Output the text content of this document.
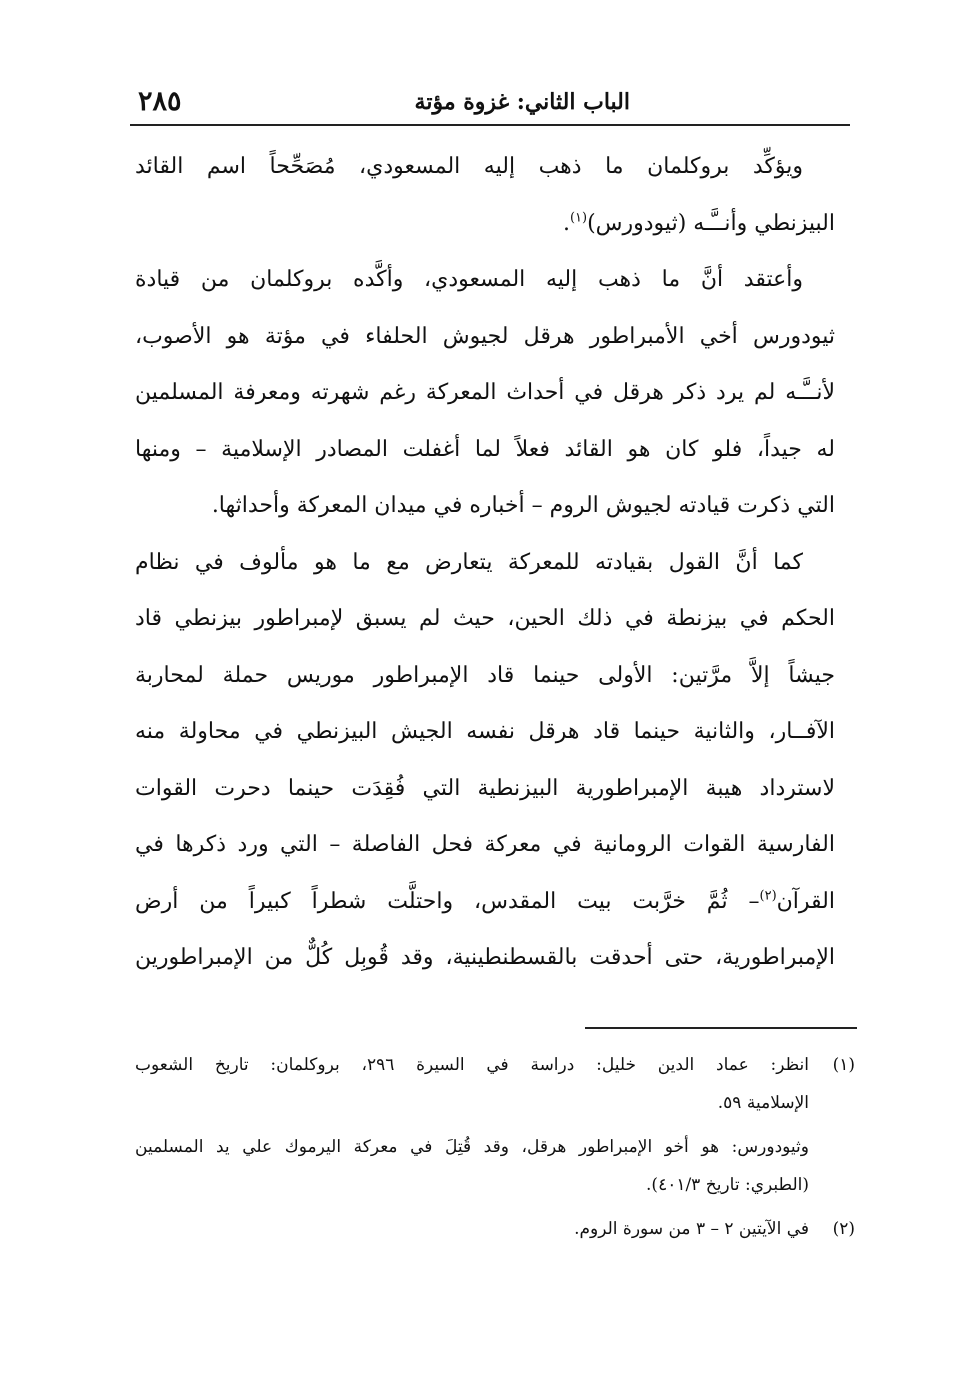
٢٨٥	الباب الثاني: غزوة مؤتة
ويؤكِّد بروكلمان ما ذهب إليه المسعودي، مُصَحِّحاً اسم القائد
البيزنطي وأنــَّـه (ثيودورس)$^{(١)}$.
وأعتقد أنَّ ما ذهب إليه المسعودي، وأكَّده بروكلمان من قيادة
ثيودورس أخي الأمبراطور هرقل لجيوش الحلفاء في مؤتة هو الأصوب،
لأنــَّـه لم يرد ذكر هرقل في أحداث المعركة رغم شهرته ومعرفة المسلمين
له جيداً، فلو كان هو القائد فعلاً لما أغفلت المصادر الإسلامية – ومنها
التي ذكرت قيادته لجيوش الروم – أخباره في ميدان المعركة وأحداثها.
كما أنَّ القول بقيادته للمعركة يتعارض مع ما هو مألوف في نظام
الحكم في بيزنطة في ذلك الحين، حيث لم يسبق لإمبراطور بيزنطي قاد
جيشاً إلاَّ مرَّتين: الأولى حينما قاد الإمبراطور موريس حملة لمحاربة
الآفــار، والثانية حينما قاد هرقل نفسه الجيش البيزنطي في محاولة منه
لاسترداد هيبة الإمبراطورية البيزنطية التي فُقِدَت حينما دحرت القوات
الفارسية القوات الرومانية في معركة فحل الفاصلة – التي ورد ذكرها في
القرآن$^{(٢)}$– ثُمَّ خرَّبت بيت المقدس، واحتلَّت شطراً كبيراً من أرض
الإمبراطورية، حتى أحدقت بالقسطنطينية، وقد قُوبِل كُلٌّ من الإمبراطورين
(١)انظر: عماد الدين خليل: دراسة في السيرة ٢٩٦، بروكلمان: تاريخ الشعوب
الإسلامية ٥٩.
وثيودورس: هو أخو الإمبراطور هرقل، وقد قُتِلَ في معركة اليرموك علي يد المسلمين
(الطبري: تاريخ ٤٠١/٣).
(٢)في الآيتين ٢ – ٣ من سورة الروم.
